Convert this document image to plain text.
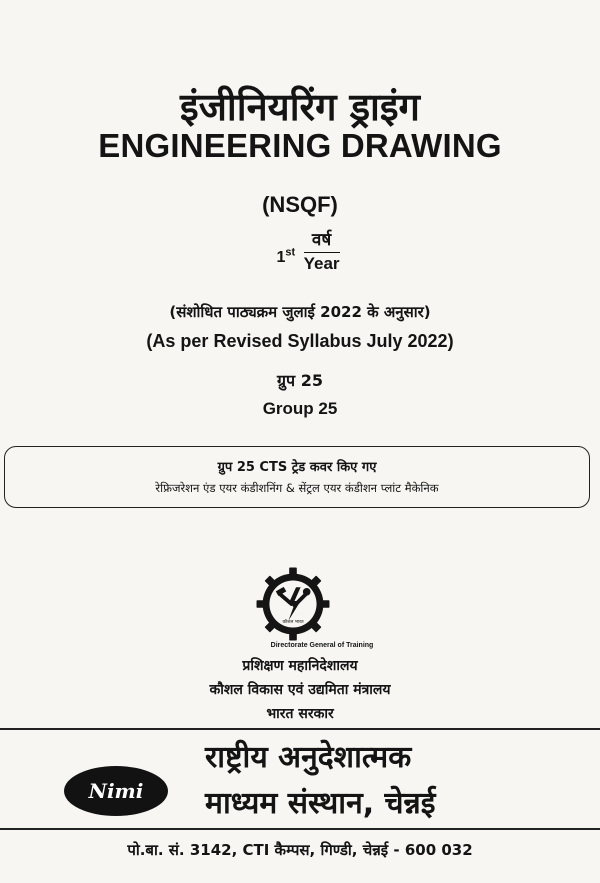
इंजीनियरिंग ड्राइंग
ENGINEERING DRAWING
(NSQF)
$1st \frac{\text{वर्ष}}{\text{Year}}$
(संशोधित पाठ्यक्रम जुलाई 2022 के अनुसार)
(As per Revised Syllabus July 2022)
ग्रुप 25
Group 25
ग्रुप 25 CTS ट्रेड कवर किए गए
रेफ्रिजरेशन एंड एयर कंडीशनिंग & सेंट्रल एयर कंडीशन प्लांट मैकेनिक
कौशल भारत
Directorate General of Training
प्रशिक्षण महानिदेशालय
कौशल विकास एवं उद्यमिता मंत्रालय
भारत सरकार
Nimi
राष्ट्रीय अनुदेशात्मक
माध्यम संस्थान, चेन्नई
पो.बा. सं. 3142, CTI कैम्पस, गिण्डी, चेन्नई - 600 032
